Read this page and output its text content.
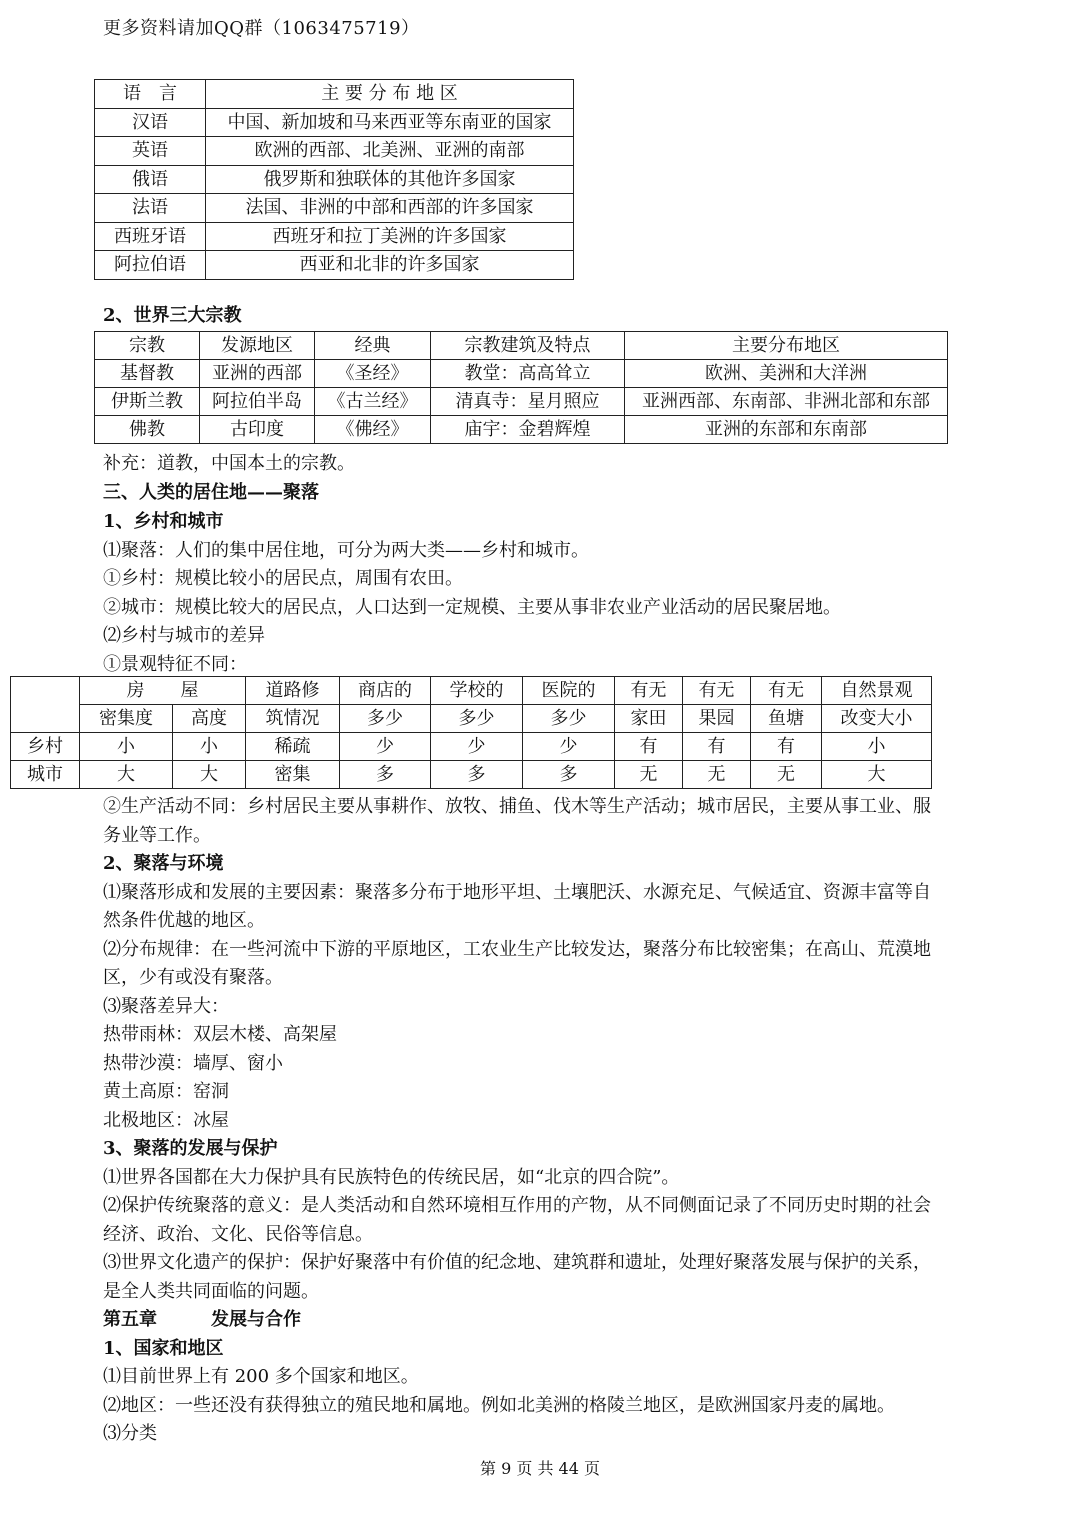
更多资料请加QQ群（1063475719）
语　言	主 要 分 布 地 区
汉语	中国、新加坡和马来西亚等东南亚的国家
英语	欧洲的西部、北美洲、亚洲的南部
俄语	俄罗斯和独联体的其他许多国家
法语	法国、非洲的中部和西部的许多国家
西班牙语	西班牙和拉丁美洲的许多国家
阿拉伯语	西亚和北非的许多国家
2、世界三大宗教
宗教	发源地区	经典	宗教建筑及特点	主要分布地区
基督教	亚洲的西部	《圣经》	教堂：高高耸立	欧洲、美洲和大洋洲
伊斯兰教	阿拉伯半岛	《古兰经》	清真寺：星月照应	亚洲西部、东南部、非洲北部和东部
佛教	古印度	《佛经》	庙宇：金碧辉煌	亚洲的东部和东南部
补充：道教，中国本土的宗教。
三、人类的居住地——聚落
1、乡村和城市
⑴聚落：人们的集中居住地，可分为两大类——乡村和城市。
①乡村：规模比较小的居民点，周围有农田。
②城市：规模比较大的居民点，人口达到一定规模、主要从事非农业产业活动的居民聚居地。
⑵乡村与城市的差异
①景观特征不同：
	房　　屋		道路修	商店的	学校的	医院的	有无	有无	有无	自然景观
	密集度	高度	筑情况	多少	多少	多少	家田	果园	鱼塘	改变大小
乡村	小	小	稀疏	少	少	少	有	有	有	小
城市	大	大	密集	多	多	多	无	无	无	大
②生产活动不同：乡村居民主要从事耕作、放牧、捕鱼、伐木等生产活动；城市居民，主要从事工业、服
务业等工作。
2、聚落与环境
⑴聚落形成和发展的主要因素：聚落多分布于地形平坦、土壤肥沃、水源充足、气候适宜、资源丰富等自
然条件优越的地区。
⑵分布规律：在一些河流中下游的平原地区，工农业生产比较发达，聚落分布比较密集；在高山、荒漠地
区，少有或没有聚落。
⑶聚落差异大：
热带雨林：双层木楼、高架屋
热带沙漠：墙厚、窗小
黄土高原：窑洞
北极地区：冰屋
3、聚落的发展与保护
⑴世界各国都在大力保护具有民族特色的传统民居，如“北京的四合院”。
⑵保护传统聚落的意义：是人类活动和自然环境相互作用的产物，从不同侧面记录了不同历史时期的社会
经济、政治、文化、民俗等信息。
⑶世界文化遗产的保护：保护好聚落中有价值的纪念地、建筑群和遗址，处理好聚落发展与保护的关系，
是全人类共同面临的问题。
第五章　　　发展与合作
1、国家和地区
⑴目前世界上有 200 多个国家和地区。
⑵地区：一些还没有获得独立的殖民地和属地。例如北美洲的格陵兰地区，是欧洲国家丹麦的属地。
⑶分类
第 9 页 共 44 页
